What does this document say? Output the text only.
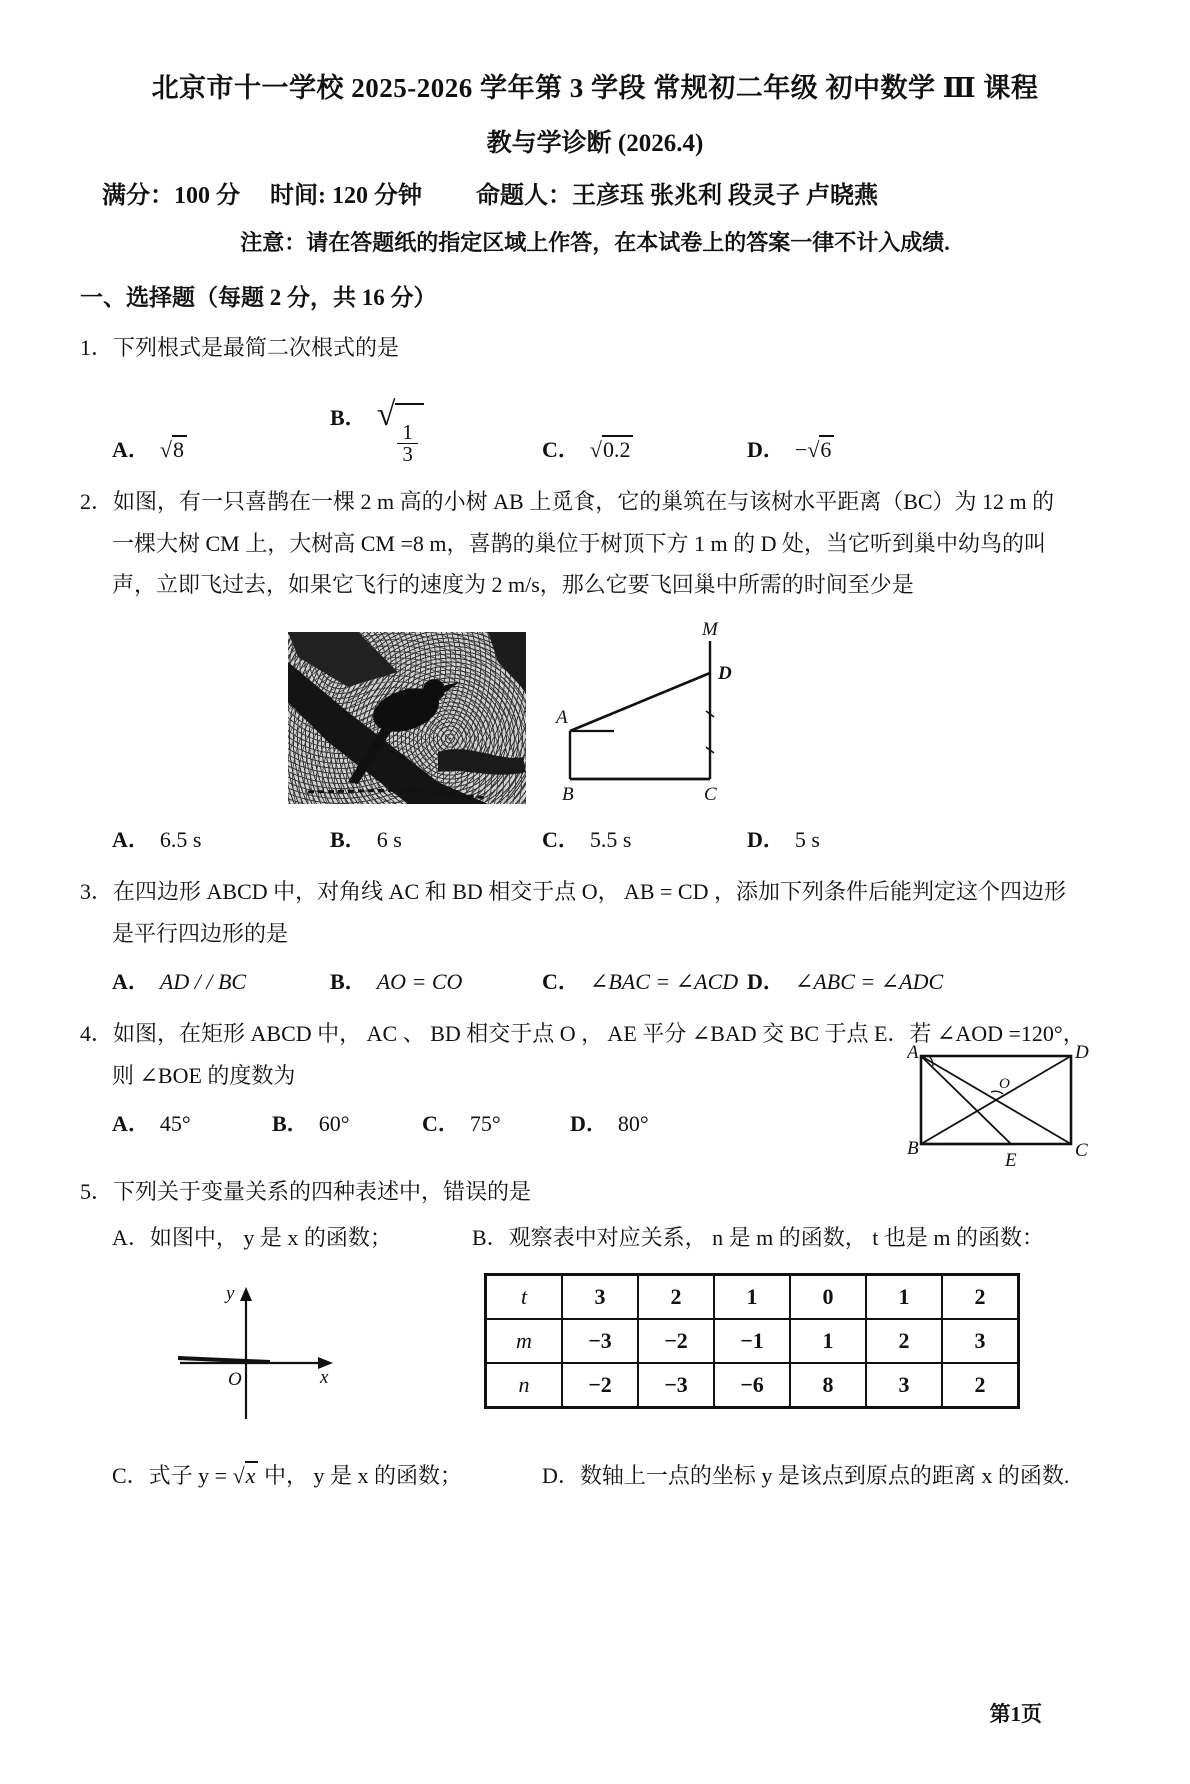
北京市十一学校 2025-2026 学年第 3 学段 常规初二年级 初中数学 Ⅲ 课程
教与学诊断 (2026.4)
满分：100 分　 时间: 120 分钟　　 命题人：王彦珏 张兆利 段灵子 卢晓燕
注意：请在答题纸的指定区域上作答，在本试卷上的答案一律不计入成绩.
一、选择题（每题 2 分，共 16 分）
1．下列根式是最简二次根式的是
A． √8
B． √
$\frac{1}{3}$	C． √0.2	D． −√6
2．如图，有一只喜鹊在一棵 2 m 高的小树 AB 上觅食，它的巢筑在与该树水平距离（BC）为 12 m 的
一棵大树 CM 上，大树高 CM =8 m，喜鹊的巢位于树顶下方 1 m 的 D 处，当它听到巢中幼鸟的叫
声，立即飞过去，如果它飞行的速度为 2 m/s，那么它要飞回巢中所需的时间至少是
M
D
A
B	C
A． 6.5 s	B． 6 s	C． 5.5 s	D． 5 s
3．在四边形 ABCD 中，对角线 AC 和 BD 相交于点 O， AB = CD ，添加下列条件后能判定这个四边形
是平行四边形的是
A． AD / / BC	B． AO = CO	C． ∠BAC = ∠ACD D． ∠ABC = ∠ADC
4．如图，在矩形 ABCD 中， AC 、 BD 相交于点 O ， AE 平分 ∠BAD 交 BC 于点 E．若 ∠AOD =120°，
则 ∠BOE 的度数为
A． 45°	B． 60°	C． 75°	D． 80°
A	D
B
E	C
O
5．下列关于变量关系的四种表述中，错误的是
A．如图中， y 是 x 的函数；
y
x
O
B．观察表中对应关系， n 是 m 的函数， t 也是 m 的函数：
t	3	2	1	0	1	2
m	−3	−2	−1	1	2	3
n	−2	−3	−6	8	3	2
C．式子 y = √x 中， y 是 x 的函数；	D．数轴上一点的坐标 y 是该点到原点的距离 x 的函数.
第1页
